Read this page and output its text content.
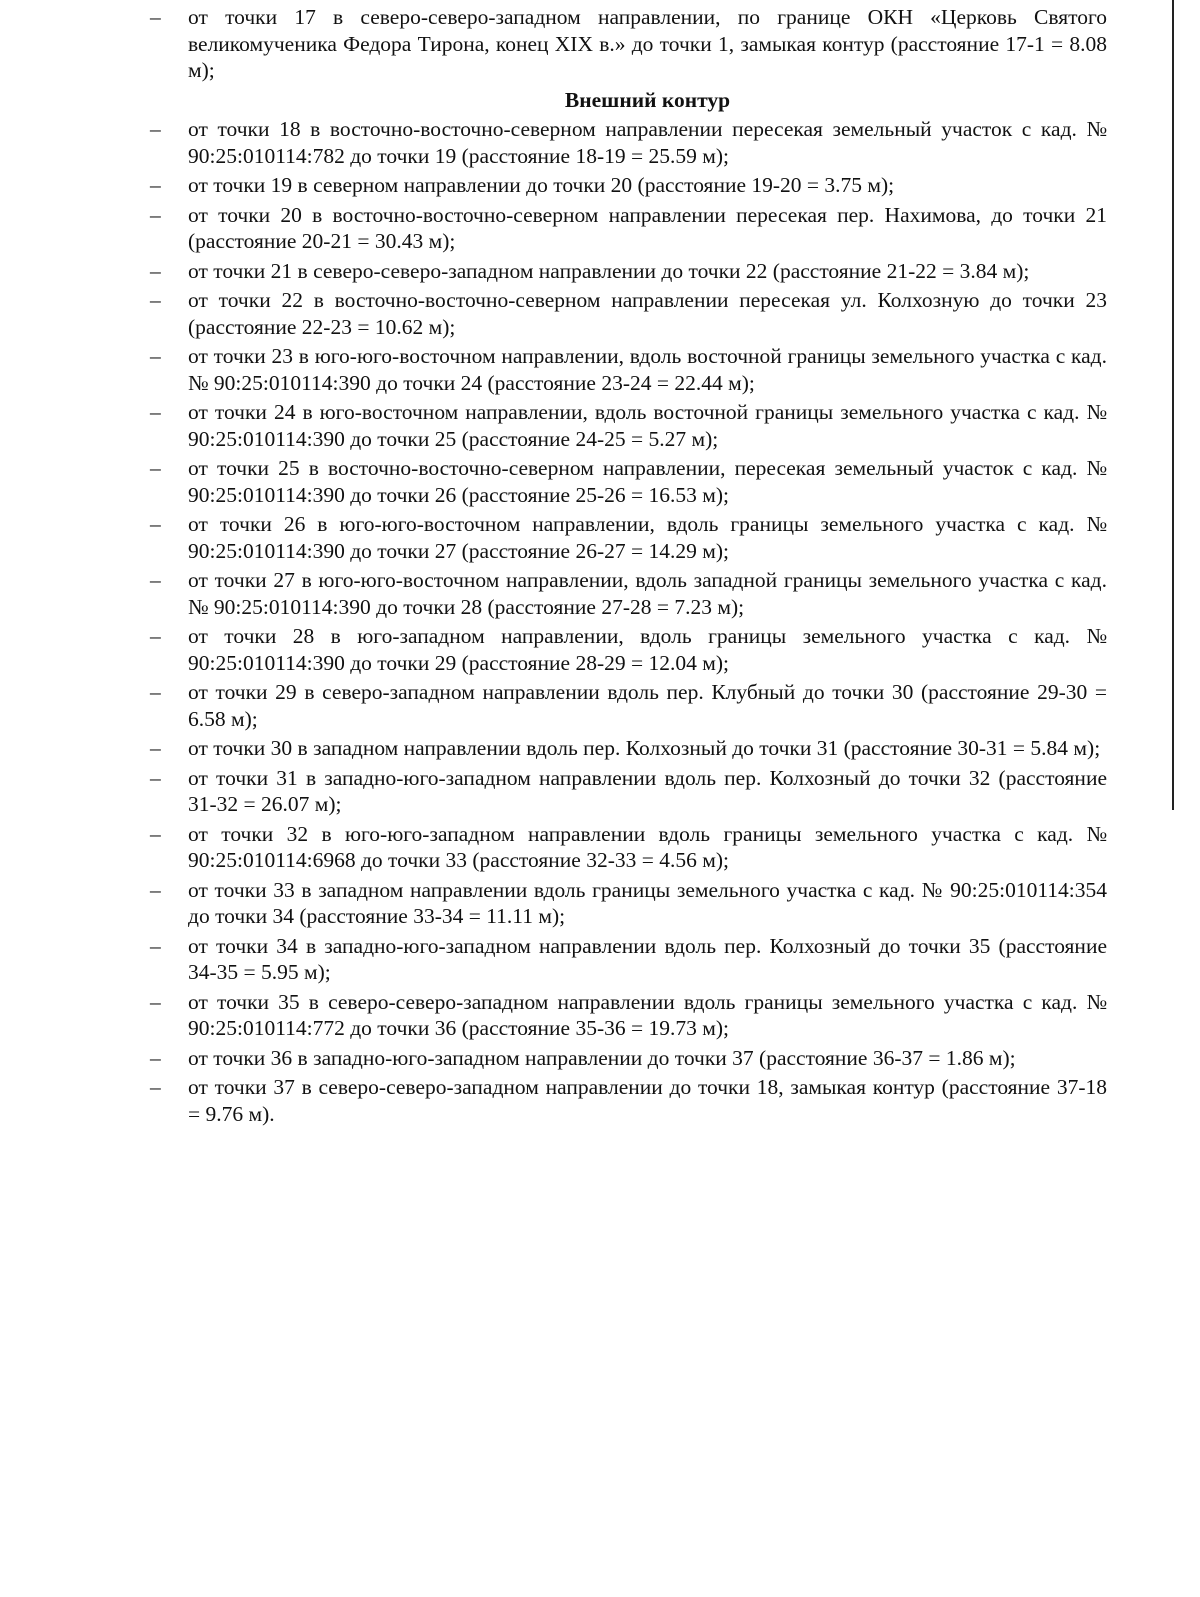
–	от точки 17 в северо-северо-западном направлении, по границе ОКН «Церковь Святого великомученика Федора Тирона, конец XIX в.» до точки 1, замыкая контур (расстояние 17-1 = 8.08 м);
Внешний контур
–	от точки 18 в восточно-восточно-северном направлении пересекая земельный участок с кад. № 90:25:010114:782 до точки 19 (расстояние 18-19 = 25.59 м);
–	от точки 19 в северном направлении до точки 20 (расстояние 19-20 = 3.75 м);
–	от точки 20 в восточно-восточно-северном направлении пересекая пер. Нахимова, до точки 21 (расстояние 20-21 = 30.43 м);
–	от точки 21 в северо-северо-западном направлении до точки 22 (расстояние 21-22 = 3.84 м);
–	от точки 22 в восточно-восточно-северном направлении пересекая ул. Колхозную до точки 23 (расстояние 22-23 = 10.62 м);
–	от точки 23 в юго-юго-восточном направлении, вдоль восточной границы земельного участка с кад. № 90:25:010114:390 до точки 24 (расстояние 23-24 = 22.44 м);
–	от точки 24 в юго-восточном направлении, вдоль восточной границы земельного участка с кад. № 90:25:010114:390 до точки 25 (расстояние 24-25 = 5.27 м);
–	от точки 25 в восточно-восточно-северном направлении, пересекая земельный участок с кад. № 90:25:010114:390 до точки 26 (расстояние 25-26 = 16.53 м);
–	от точки 26 в юго-юго-восточном направлении, вдоль границы земельного участка с кад. № 90:25:010114:390 до точки 27 (расстояние 26-27 = 14.29 м);
–	от точки 27 в юго-юго-восточном направлении, вдоль западной границы земельного участка с кад. № 90:25:010114:390 до точки 28 (расстояние 27-28 = 7.23 м);
–	от точки 28 в юго-западном направлении, вдоль границы земельного участка с кад. № 90:25:010114:390 до точки 29 (расстояние 28-29 = 12.04 м);
–	от точки 29 в северо-западном направлении вдоль пер. Клубный до точки 30 (расстояние 29-30 = 6.58 м);
–	от точки 30 в западном направлении вдоль пер. Колхозный до точки 31 (расстояние 30-31 = 5.84 м);
–	от точки 31 в западно-юго-западном направлении вдоль пер. Колхозный до точки 32 (расстояние 31-32 = 26.07 м);
–	от точки 32 в юго-юго-западном направлении вдоль границы земельного участка с кад. № 90:25:010114:6968 до точки 33 (расстояние 32-33 = 4.56 м);
–	от точки 33 в западном направлении вдоль границы земельного участка с кад. № 90:25:010114:354 до точки 34 (расстояние 33-34 = 11.11 м);
–	от точки 34 в западно-юго-западном направлении вдоль пер. Колхозный до точки 35 (расстояние 34-35 = 5.95 м);
–	от точки 35 в северо-северо-западном направлении вдоль границы земельного участка с кад. № 90:25:010114:772 до точки 36 (расстояние 35-36 = 19.73 м);
–	от точки 36 в западно-юго-западном направлении до точки 37 (расстояние 36-37 = 1.86 м);
–	от точки 37 в северо-северо-западном направлении до точки 18, замыкая контур (расстояние 37-18 = 9.76 м).
